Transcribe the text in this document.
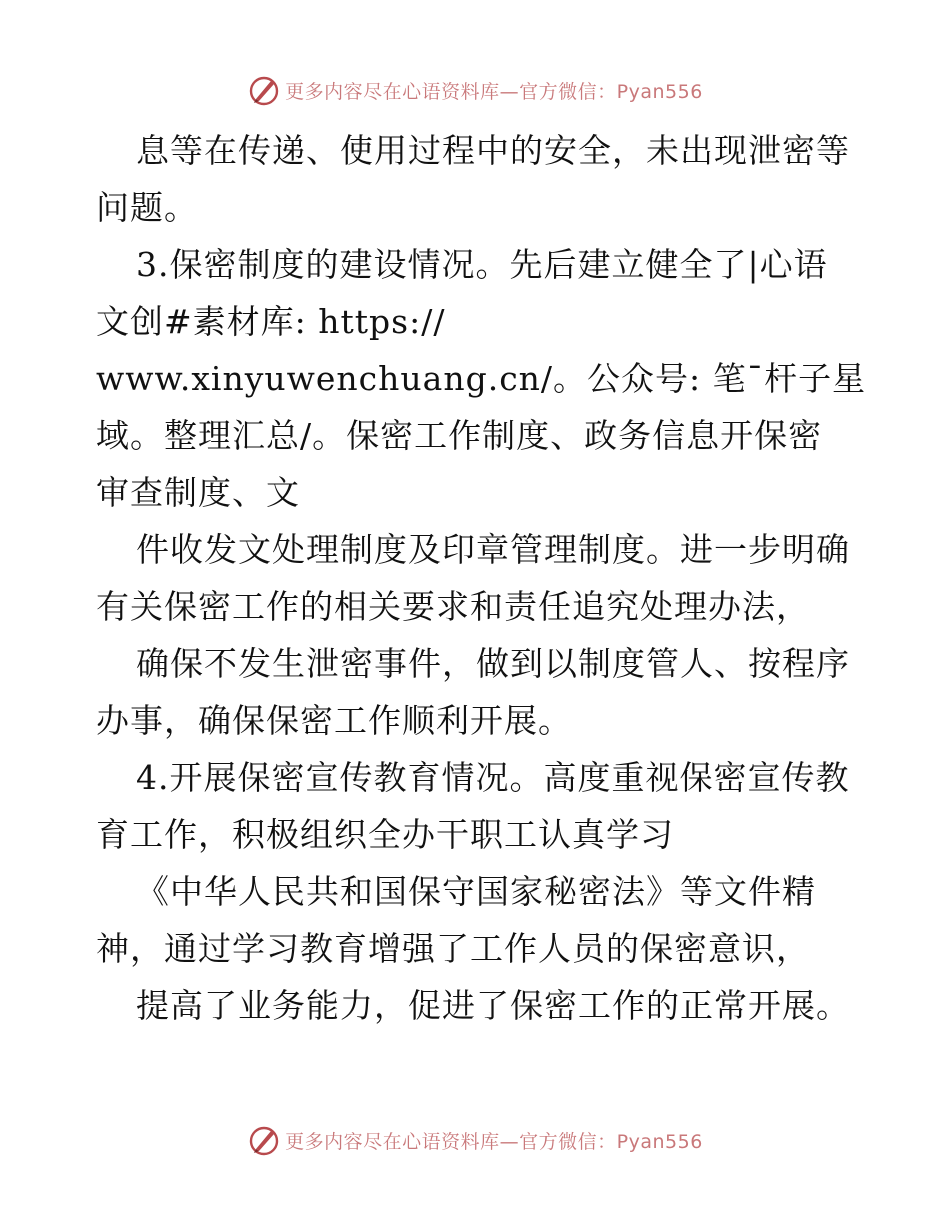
更多内容尽在心语资料库—官方微信：Pyan556
息等在传递、使用过程中的安全，未出现泄密等
问题。
3.保密制度的建设情况。先后建立健全了|心语
文创#素材库: https://
www.xinyuwenchuang.cn/。公众号: 笔¯杆子星
域。整理汇总/。保密工作制度、政务信息开保密
审查制度、文
件收发文处理制度及印章管理制度。进一步明确
有关保密工作的相关要求和责任追究处理办法，
确保不发生泄密事件，做到以制度管人、按程序
办事，确保保密工作顺利开展。
4.开展保密宣传教育情况。高度重视保密宣传教
育工作，积极组织全办干职工认真学习
《中华人民共和国保守国家秘密法》等文件精
神，通过学习教育增强了工作人员的保密意识，
提高了业务能力，促进了保密工作的正常开展。
更多内容尽在心语资料库—官方微信：Pyan556
